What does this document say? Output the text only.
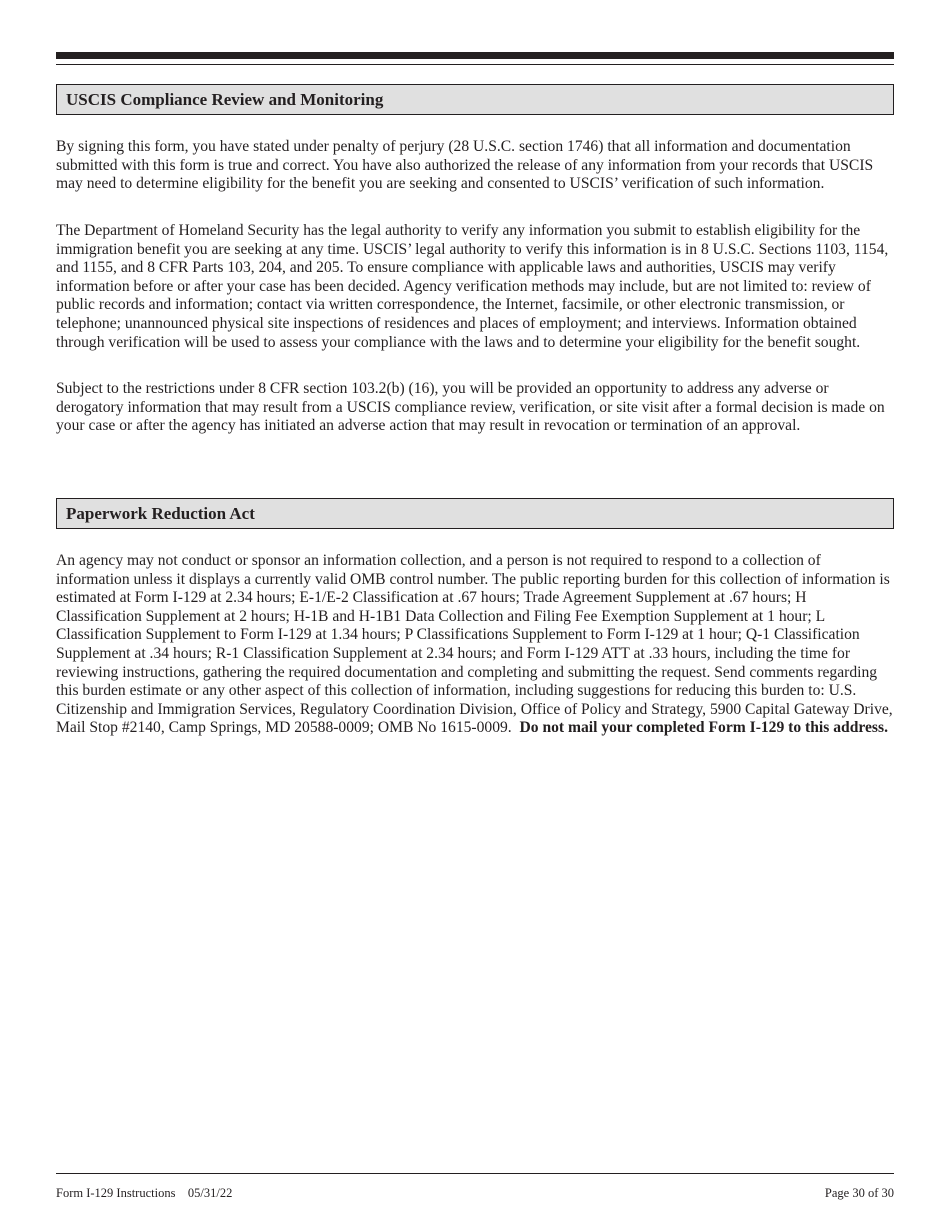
USCIS Compliance Review and Monitoring

By signing this form, you have stated under penalty of perjury (28 U.S.C. section 1746) that all information and documentation submitted with this form is true and correct. You have also authorized the release of any information from your records that USCIS may need to determine eligibility for the benefit you are seeking and consented to USCIS’ verification of such information.

The Department of Homeland Security has the legal authority to verify any information you submit to establish eligibility for the immigration benefit you are seeking at any time. USCIS’ legal authority to verify this information is in 8 U.S.C. Sections 1103, 1154, and 1155, and 8 CFR Parts 103, 204, and 205. To ensure compliance with applicable laws and authorities, USCIS may verify information before or after your case has been decided. Agency verification methods may include, but are not limited to: review of public records and information; contact via written correspondence, the Internet, facsimile, or other electronic transmission, or telephone; unannounced physical site inspections of residences and places of employment; and interviews. Information obtained through verification will be used to assess your compliance with the laws and to determine your eligibility for the benefit sought.

Subject to the restrictions under 8 CFR section 103.2(b) (16), you will be provided an opportunity to address any adverse or derogatory information that may result from a USCIS compliance review, verification, or site visit after a formal decision is made on your case or after the agency has initiated an adverse action that may result in revocation or termination of an approval.

Paperwork Reduction Act

An agency may not conduct or sponsor an information collection, and a person is not required to respond to a collection of information unless it displays a currently valid OMB control number. The public reporting burden for this collection of information is estimated at Form I-129 at 2.34 hours; E-1/E-2 Classification at .67 hours; Trade Agreement Supplement at .67 hours; H Classification Supplement at 2 hours; H-1B and H-1B1 Data Collection and Filing Fee Exemption Supplement at 1 hour; L Classification Supplement to Form I-129 at 1.34 hours; P Classifications Supplement to Form I-129 at 1 hour; Q-1 Classification Supplement at .34 hours; R-1 Classification Supplement at 2.34 hours; and Form I-129 ATT at .33 hours, including the time for reviewing instructions, gathering the required documentation and completing and submitting the request. Send comments regarding this burden estimate or any other aspect of this collection of information, including suggestions for reducing this burden to: U.S. Citizenship and Immigration Services, Regulatory Coordination Division, Office of Policy and Strategy, 5900 Capital Gateway Drive, Mail Stop #2140, Camp Springs, MD 20588-0009; OMB No 1615-0009. Do not mail your completed Form I-129 to this address.

Form I-129 Instructions    05/31/22	Page 30 of 30
